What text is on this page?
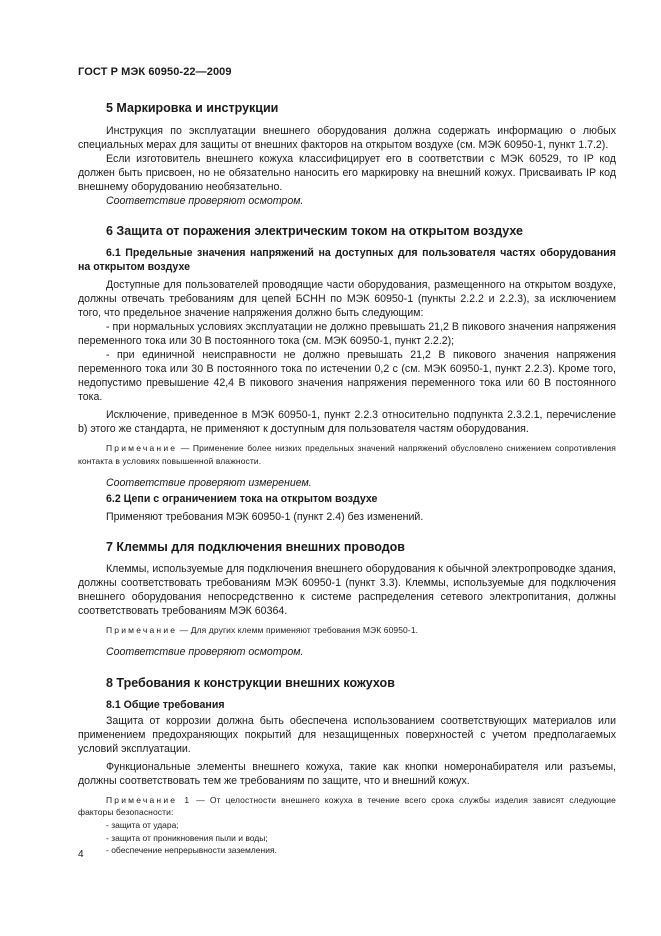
ГОСТ Р МЭК 60950-22—2009
5 Маркировка и инструкции

Инструкция по эксплуатации внешнего оборудования должна содержать информацию о любых специальных мерах для защиты от внешних факторов на открытом воздухе (см. МЭК 60950-1, пункт 1.7.2).

Если изготовитель внешнего кожуха классифицирует его в соответствии с МЭК 60529, то IP код должен быть присвоен, но не обязательно наносить его маркировку на внешний кожух. Присваивать IP код внешнему оборудованию необязательно.

Соответствие проверяют осмотром.

6 Защита от поражения электрическим током на открытом воздухе

6.1 Предельные значения напряжений на доступных для пользователя частях оборудования на открытом воздухе

Доступные для пользователей проводящие части оборудования, размещенного на открытом воздухе, должны отвечать требованиям для цепей БСНН по МЭК 60950-1 (пункты 2.2.2 и 2.2.3), за исключением того, что предельное значение напряжения должно быть следующим:

- при нормальных условиях эксплуатации не должно превышать 21,2 В пикового значения напряжения переменного тока или 30 В постоянного тока (см. МЭК 60950-1, пункт 2.2.2);

- при единичной неисправности не должно превышать 21,2 В пикового значения напряжения переменного тока или 30 В постоянного тока по истечении 0,2 с (см. МЭК 60950-1, пункт 2.2.3). Кроме того, недопустимо превышение 42,4 В пикового значения напряжения переменного тока или 60 В постоянного тока.

Исключение, приведенное в МЭК 60950-1, пункт 2.2.3 относительно подпункта 2.3.2.1, перечисление b) этого же стандарта, не применяют к доступным для пользователя частям оборудования.

Примечание — Применение более низких предельных значений напряжений обусловлено снижением сопротивления контакта в условиях повышенной влажности.

Соответствие проверяют измерением.

6.2 Цепи с ограничением тока на открытом воздухе

Применяют требования МЭК 60950-1 (пункт 2.4) без изменений.

7 Клеммы для подключения внешних проводов

Клеммы, используемые для подключения внешнего оборудования к обычной электропроводке здания, должны соответствовать требованиям МЭК 60950-1 (пункт 3.3). Клеммы, используемые для подключения внешнего оборудования непосредственно к системе распределения сетевого электропитания, должны соответствовать требованиям МЭК 60364.

Примечание — Для других клемм применяют требования МЭК 60950-1.

Соответствие проверяют осмотром.

8 Требования к конструкции внешних кожухов

8.1 Общие требования

Защита от коррозии должна быть обеспечена использованием соответствующих материалов или применением предохраняющих покрытий для незащищенных поверхностей с учетом предполагаемых условий эксплуатации.

Функциональные элементы внешнего кожуха, такие как кнопки номеронабирателя или разъемы, должны соответствовать тем же требованиям по защите, что и внешний кожух.

Примечание 1 — От целостности внешнего кожуха в течение всего срока службы изделия зависят следующие факторы безопасности:

- защита от удара;

- защита от проникновения пыли и воды;

- обеспечение непрерывности заземления.

4
